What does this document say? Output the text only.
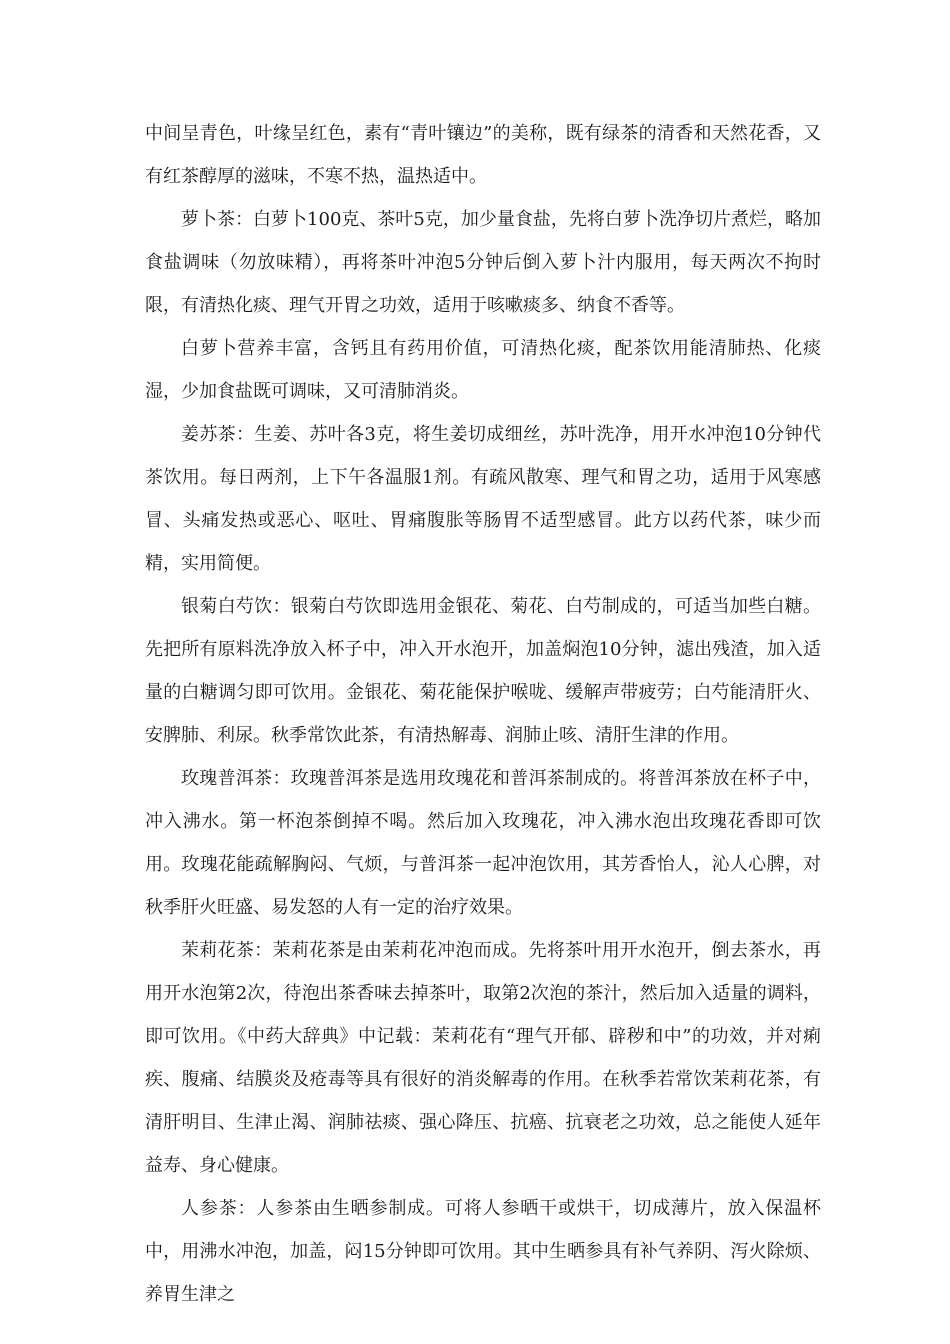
中间呈青色，叶缘呈红色，素有“青叶镶边”的美称，既有绿茶的清香和天然花香，又有红茶醇厚的滋味，不寒不热，温热适中。

萝卜茶：白萝卜100克、茶叶5克，加少量食盐，先将白萝卜洗净切片煮烂，略加食盐调味（勿放味精），再将茶叶冲泡5分钟后倒入萝卜汁内服用，每天两次不拘时限，有清热化痰、理气开胃之功效，适用于咳嗽痰多、纳食不香等。

白萝卜营养丰富，含钙且有药用价值，可清热化痰，配茶饮用能清肺热、化痰湿，少加食盐既可调味，又可清肺消炎。

姜苏茶：生姜、苏叶各3克，将生姜切成细丝，苏叶洗净，用开水冲泡10分钟代茶饮用。每日两剂，上下午各温服1剂。有疏风散寒、理气和胃之功，适用于风寒感冒、头痛发热或恶心、呕吐、胃痛腹胀等肠胃不适型感冒。此方以药代茶，味少而精，实用简便。

银菊白芍饮：银菊白芍饮即选用金银花、菊花、白芍制成的，可适当加些白糖。先把所有原料洗净放入杯子中，冲入开水泡开，加盖焖泡10分钟，滤出残渣，加入适量的白糖调匀即可饮用。金银花、菊花能保护喉咙、缓解声带疲劳；白芍能清肝火、安脾肺、利尿。秋季常饮此茶，有清热解毒、润肺止咳、清肝生津的作用。

玫瑰普洱茶：玫瑰普洱茶是选用玫瑰花和普洱茶制成的。将普洱茶放在杯子中，冲入沸水。第一杯泡茶倒掉不喝。然后加入玫瑰花，冲入沸水泡出玫瑰花香即可饮用。玫瑰花能疏解胸闷、气烦，与普洱茶一起冲泡饮用，其芳香怡人，沁人心脾，对秋季肝火旺盛、易发怒的人有一定的治疗效果。

茉莉花茶：茉莉花茶是由茉莉花冲泡而成。先将茶叶用开水泡开，倒去茶水，再用开水泡第2次，待泡出茶香味去掉茶叶，取第2次泡的茶汁，然后加入适量的调料，即可饮用。《中药大辞典》中记载：茉莉花有“理气开郁、辟秽和中”的功效，并对痢疾、腹痛、结膜炎及疮毒等具有很好的消炎解毒的作用。在秋季若常饮茉莉花茶，有清肝明目、生津止渴、润肺祛痰、强心降压、抗癌、抗衰老之功效，总之能使人延年益寿、身心健康。

人参茶：人参茶由生晒参制成。可将人参晒干或烘干，切成薄片，放入保温杯中，用沸水冲泡，加盖，闷15分钟即可饮用。其中生晒参具有补气养阴、泻火除烦、养胃生津之
